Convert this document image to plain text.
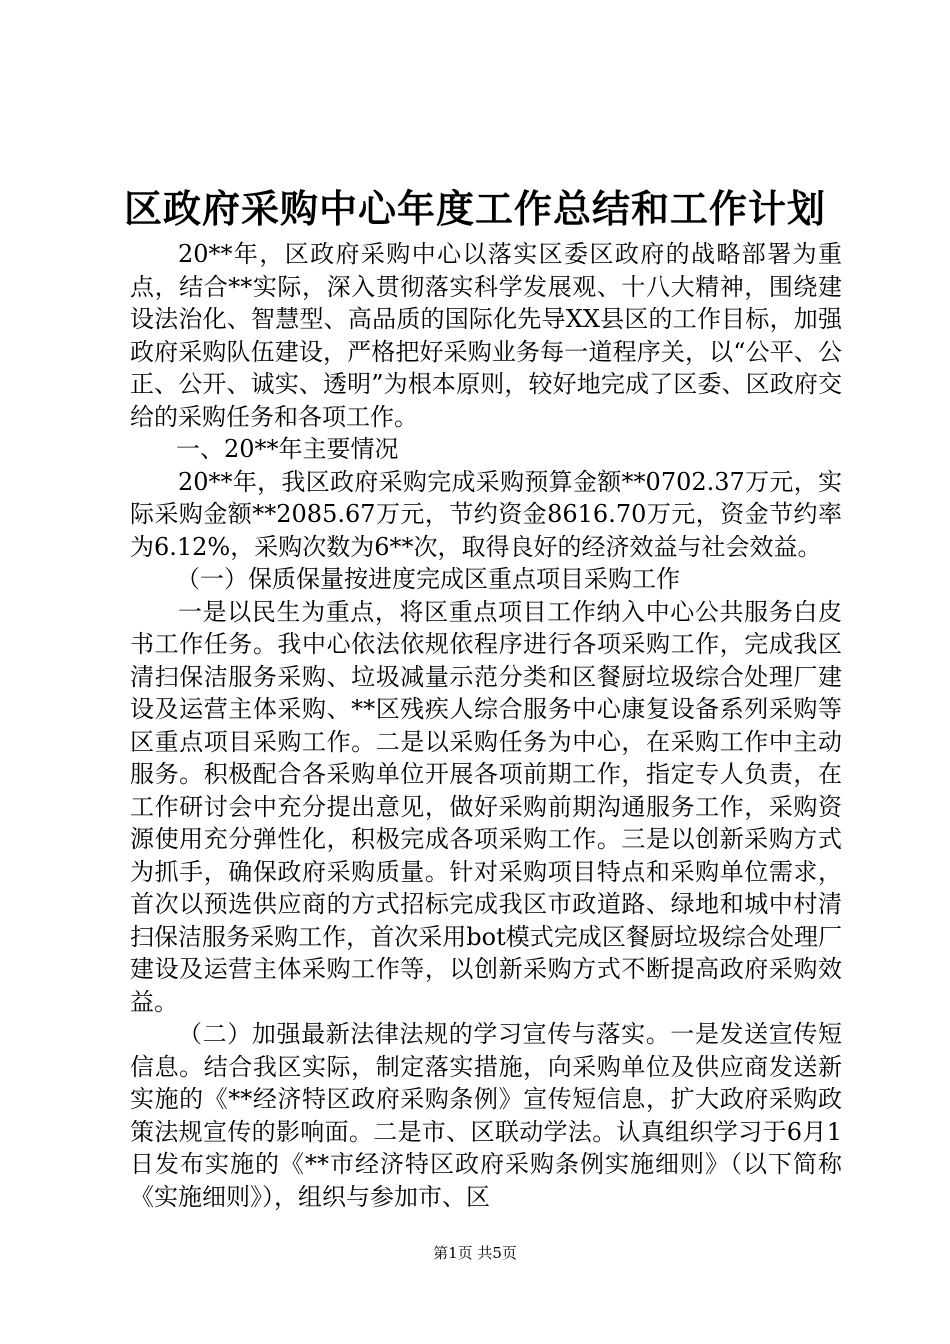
区政府采购中心年度工作总结和工作计划

20**年，区政府采购中心以落实区委区政府的战略部署为重点，结合**实际，深入贯彻落实科学发展观、十八大精神，围绕建设法治化、智慧型、高品质的国际化先导XX县区的工作目标，加强政府采购队伍建设，严格把好采购业务每一道程序关，以“公平、公正、公开、诚实、透明”为根本原则，较好地完成了区委、区政府交给的采购任务和各项工作。

一、20**年主要情况

20**年，我区政府采购完成采购预算金额**0702.37万元，实际采购金额**2085.67万元，节约资金8616.70万元，资金节约率为6.12%，采购次数为6**次，取得良好的经济效益与社会效益。

（一）保质保量按进度完成区重点项目采购工作

一是以民生为重点，将区重点项目工作纳入中心公共服务白皮书工作任务。我中心依法依规依程序进行各项采购工作，完成我区清扫保洁服务采购、垃圾减量示范分类和区餐厨垃圾综合处理厂建设及运营主体采购、**区残疾人综合服务中心康复设备系列采购等区重点项目采购工作。二是以采购任务为中心，在采购工作中主动服务。积极配合各采购单位开展各项前期工作，指定专人负责，在工作研讨会中充分提出意见，做好采购前期沟通服务工作，采购资源使用充分弹性化，积极完成各项采购工作。三是以创新采购方式为抓手，确保政府采购质量。针对采购项目特点和采购单位需求，首次以预选供应商的方式招标完成我区市政道路、绿地和城中村清扫保洁服务采购工作，首次采用bot模式完成区餐厨垃圾综合处理厂建设及运营主体采购工作等，以创新采购方式不断提高政府采购效益。

（二）加强最新法律法规的学习宣传与落实。一是发送宣传短信息。结合我区实际，制定落实措施，向采购单位及供应商发送新实施的《**经济特区政府采购条例》宣传短信息，扩大政府采购政策法规宣传的影响面。二是市、区联动学法。认真组织学习于6月1日发布实施的《**市经济特区政府采购条例实施细则》（以下简称《实施细则》），组织与参加市、区

第1页 共5页
